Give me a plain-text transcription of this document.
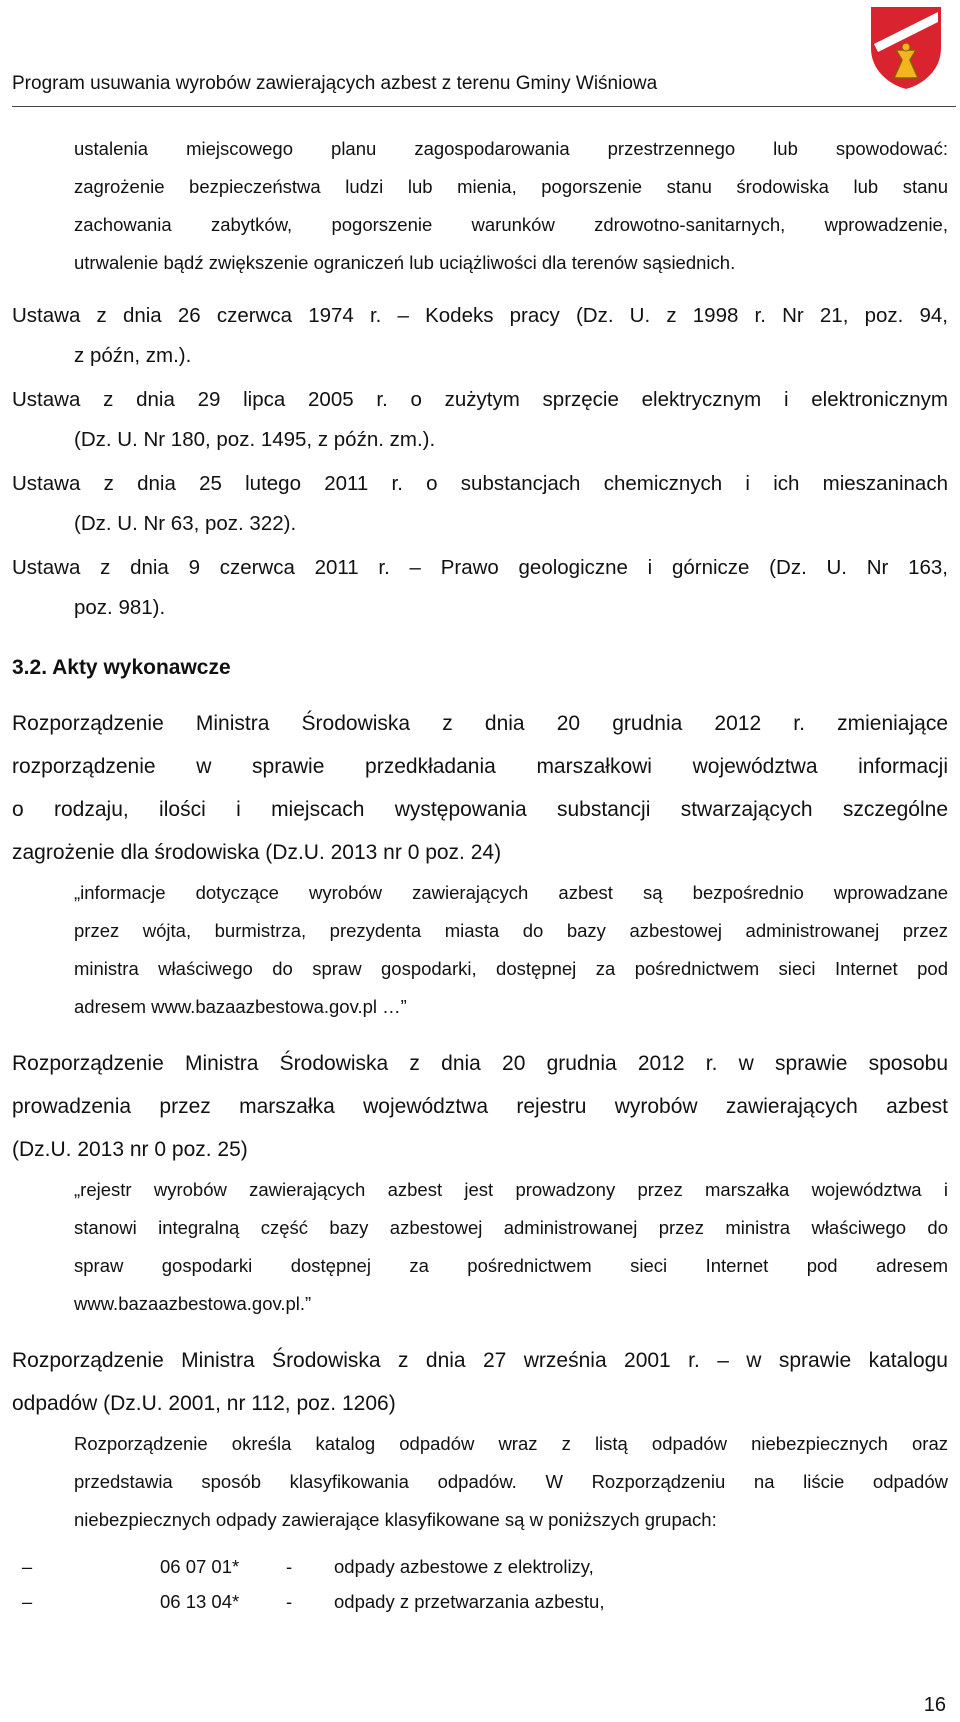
Program usuwania wyrobów zawierających azbest z terenu Gminy Wiśniowa
ustalenia miejscowego planu zagospodarowania przestrzennego lub spowodować:
zagrożenie bezpieczeństwa ludzi lub mienia, pogorszenie stanu środowiska lub stanu
zachowania zabytków, pogorszenie warunków zdrowotno-sanitarnych, wprowadzenie,
utrwalenie bądź zwiększenie ograniczeń lub uciążliwości dla terenów sąsiednich.
Ustawa z dnia 26 czerwca 1974 r. – Kodeks pracy (Dz. U. z 1998 r. Nr 21, poz. 94,
z późn, zm.).
Ustawa z dnia 29 lipca 2005 r. o zużytym sprzęcie elektrycznym i elektronicznym
(Dz. U. Nr 180, poz. 1495, z późn. zm.).
Ustawa z dnia 25 lutego 2011 r. o substancjach chemicznych i ich mieszaninach
(Dz. U. Nr 63, poz. 322).
Ustawa z dnia 9 czerwca 2011 r. – Prawo geologiczne i górnicze (Dz. U. Nr 163,
poz. 981).
3.2. Akty wykonawcze
Rozporządzenie Ministra Środowiska z dnia 20 grudnia 2012 r. zmieniające
rozporządzenie w sprawie przedkładania marszałkowi województwa informacji
o rodzaju, ilości i miejscach występowania substancji stwarzających szczególne
zagrożenie dla środowiska (Dz.U. 2013 nr 0 poz. 24)
„informacje dotyczące wyrobów zawierających azbest są bezpośrednio wprowadzane
przez wójta, burmistrza, prezydenta miasta do bazy azbestowej administrowanej przez
ministra właściwego do spraw gospodarki, dostępnej za pośrednictwem sieci Internet pod
adresem www.bazaazbestowa.gov.pl …”
Rozporządzenie Ministra Środowiska z dnia 20 grudnia 2012 r. w sprawie sposobu
prowadzenia przez marszałka województwa rejestru wyrobów zawierających azbest
(Dz.U. 2013 nr 0 poz. 25)
„rejestr wyrobów zawierających azbest jest prowadzony przez marszałka województwa i
stanowi integralną część bazy azbestowej administrowanej przez ministra właściwego do
spraw gospodarki dostępnej za pośrednictwem sieci Internet pod adresem
www.bazaazbestowa.gov.pl.”
Rozporządzenie Ministra Środowiska z dnia 27 września 2001 r. – w sprawie katalogu
odpadów (Dz.U. 2001, nr 112, poz. 1206)
Rozporządzenie określa katalog odpadów wraz z listą odpadów niebezpiecznych oraz
przedstawia sposób klasyfikowania odpadów. W Rozporządzeniu na liście odpadów
niebezpiecznych odpady zawierające klasyfikowane są w poniższych grupach:
–	06 07 01*	- odpady azbestowe z elektrolizy,
–	06 13 04*	- odpady z przetwarzania azbestu,
16
